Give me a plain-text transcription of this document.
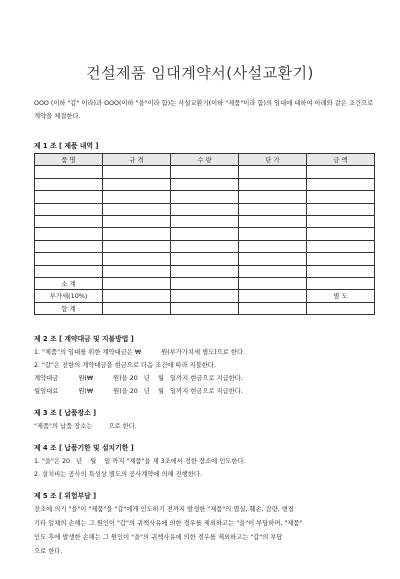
건설제품 임대계약서(사설교환기)
OOO (이하 "갑" 이라)과 OOO(이하 "을"이라 함)는 사설교환기(이하 "제품"이라 함)의 임대에 대하여 아래와 같은 조건으로 계약을 체결한다.
제 1 조 [ 제품 내역 ]
품 명	규 격	수 량	단 가	금 액

소 계				
부가세(10%)				별 도
합 계				
제 2 조 [ 계약대금 및 지불방법 ]
1. "제품"의 임대를 위한 계약대금은 ₩          원(부가가치세 별도)으로 한다.
2. "갑"은 전항의 계약대금을 현금으로 다음 조건에 따라 지불한다.
계약대금          원(₩          원)을 20   년    월   일까지 현금으로 지급한다.
월임대료          원(₩          원)을 20   년    월   일까지 현금으로 지급한다.
제 3 조 [ 납품장소 ]
"제품"의 납품 장소는        으로 한다.
제 4 조 [ 납품기한 및 설치기한 ]
1. "을"은 20   년    월    일 까지 "제품"을 제 3조에서 정한 장소에 인도한다.
2. 설치비는 공사의 특성상 별도의 공사계약에 의해 진행한다.
제 5 조 [ 위험부담 ]
전조에 의거 "을"이 "제품"을 "갑"에게 인도하기 전까지 발생한 "제품"의 멸실, 훼손, 감량, 변질
기타 일체의 손해는 그 원인이 "갑"의 귀책사유에 의한 경우를 제외하고는 "을"이 부담하며, "제품"
인도 후에 발생한 손해는 그 원인이 "을"의 귀책사유에 의한 경우를 제외하고는 "갑"의 부담
으로 한다.
